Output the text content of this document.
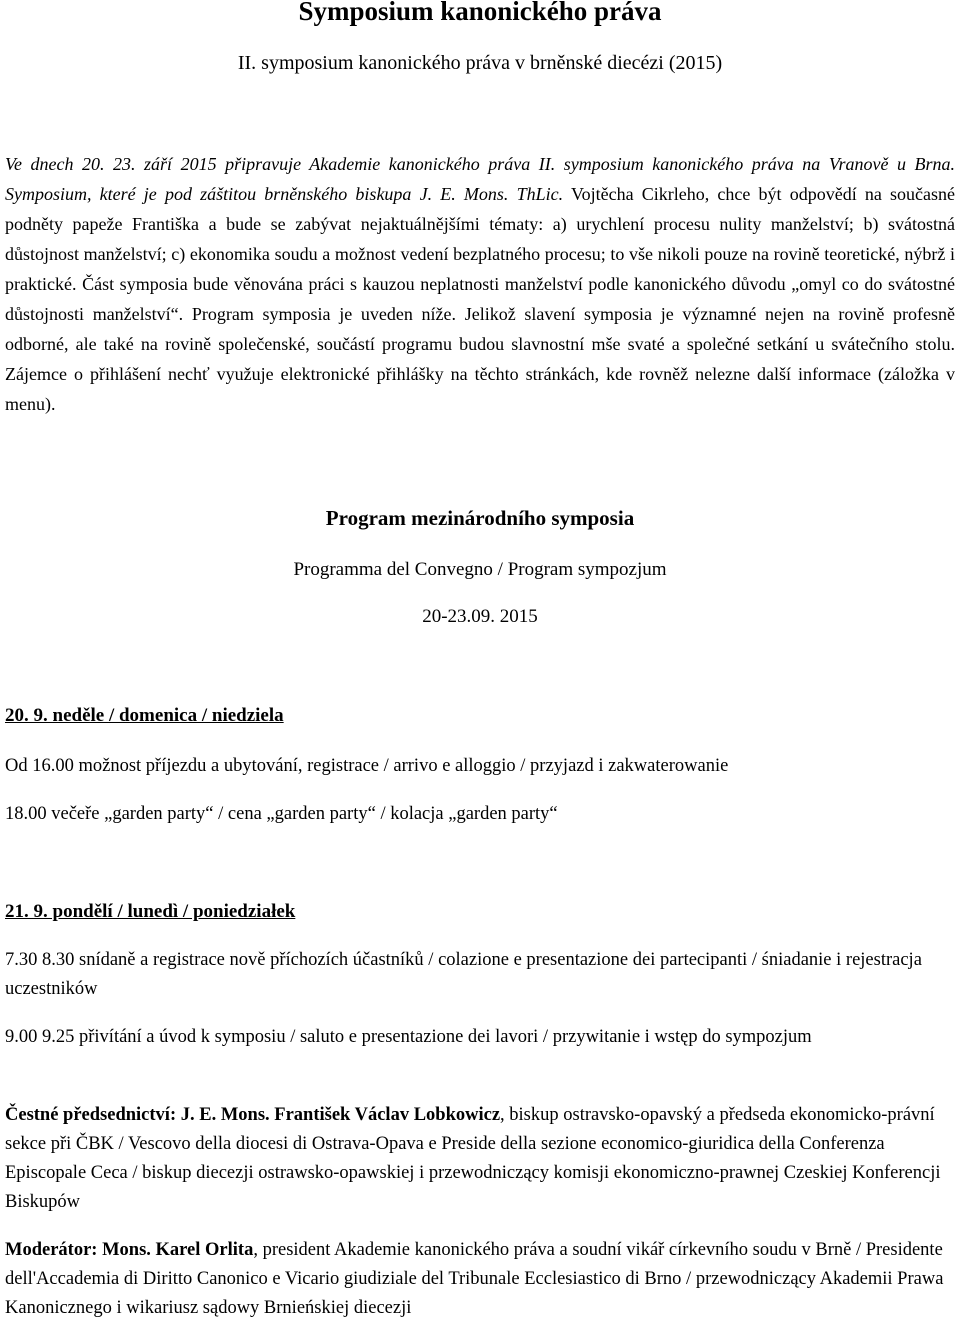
Symposium kanonického práva
II. symposium kanonického práva v brněnské diecézi (2015)

Ve dnech 20. 23. září 2015 připravuje Akademie kanonického práva II. symposium kanonického práva na Vranově u Brna. Symposium, které je pod záštitou brněnského biskupa J. E. Mons. ThLic. Vojtěcha Cikrleho, chce být odpovědí na současné podněty papeže Františka a bude se zabývat nejaktuálnějšími tématy: a) urychlení procesu nulity manželství; b) svátostná důstojnost manželství; c) ekonomika soudu a možnost vedení bezplatného procesu; to vše nikoli pouze na rovině teoretické, nýbrž i praktické. Část symposia bude věnována práci s kauzou neplatnosti manželství podle kanonického důvodu „omyl co do svátostné důstojnosti manželství“. Program symposia je uveden níže. Jelikož slavení symposia je významné nejen na rovině profesně odborné, ale také na rovině společenské, součástí programu budou slavnostní mše svaté a společné setkání u svátečního stolu. Zájemce o přihlášení nechť využuje elektronické přihlášky na těchto stránkách, kde rovněž nelezne další informace (záložka v menu).

Program mezinárodního symposia
Programma del Convegno / Program sympozjum
20-23.09. 2015
20. 9. neděle / domenica / niedziela
Od 16.00 možnost příjezdu a ubytování, registrace / arrivo e alloggio / przyjazd i zakwaterowanie
18.00 večeře „garden party“ / cena „garden party“ / kolacja „garden party“
21. 9. pondělí / lunedì / poniedziałek
7.30 8.30 snídaně a registrace nově příchozích účastníků / colazione e presentazione dei partecipanti / śniadanie i rejestracja uczestników
9.00 9.25 přivítání a úvod k symposiu / saluto e presentazione dei lavori / przywitanie i wstęp do sympozjum
Čestné předsednictví: J. E. Mons. František Václav Lobkowicz, biskup ostravsko-opavský a předseda ekonomicko-právní sekce při ČBK / Vescovo della diocesi di Ostrava-Opava e Preside della sezione economico-giuridica della Conferenza Episcopale Ceca / biskup diecezji ostrawsko-opawskiej i przewodniczący komisji ekonomiczno-prawnej Czeskiej Konferencji Biskupów
Moderátor: Mons. Karel Orlita, president Akademie kanonického práva a soudní vikář církevního soudu v Brně / Presidente dell'Accademia di Diritto Canonico e Vicario giudiziale del Tribunale Ecclesiastico di Brno / przewodniczący Akademii Prawa Kanonicznego i wikariusz sądowy Brnieńskiej diecezji
